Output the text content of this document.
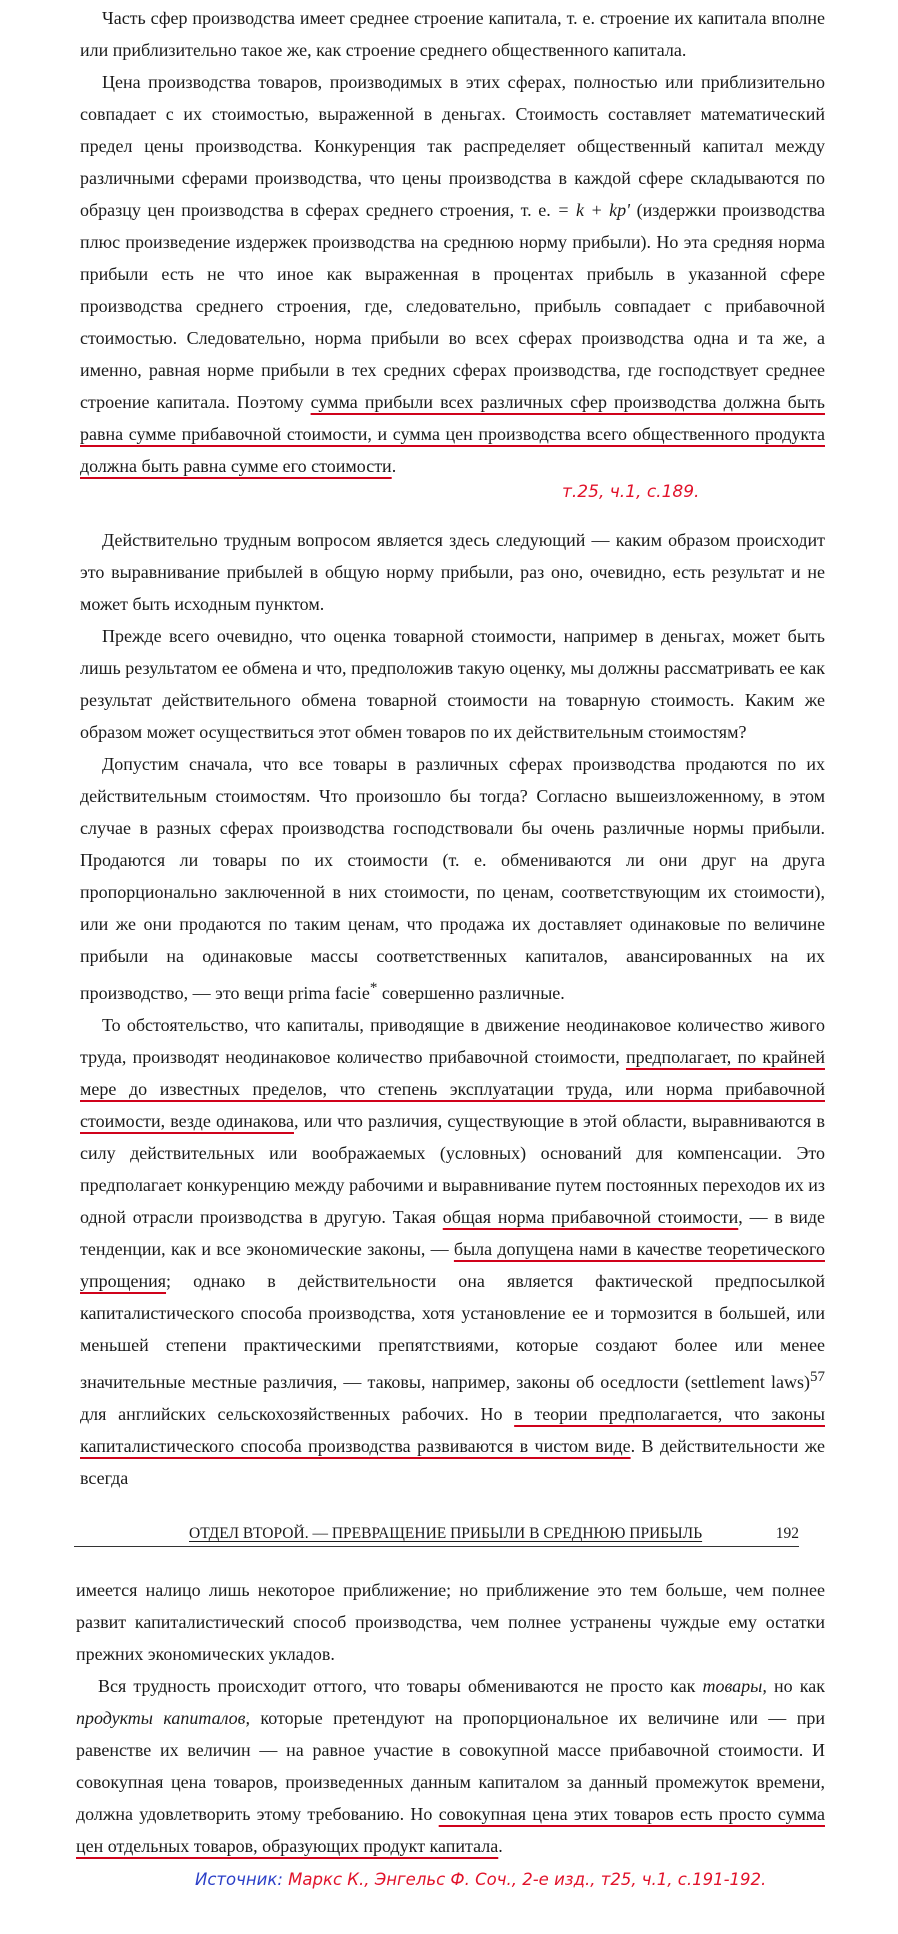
Часть сфер производства имеет среднее строение капитала, т. е. строение их капитала вполне или приблизительно такое же, как строение среднего общественного капитала.

Цена производства товаров, производимых в этих сферах, полностью или приблизительно совпадает с их стоимостью, выраженной в деньгах. Стоимость составляет математический предел цены производства. Конкуренция так распределяет общественный капитал между различными сферами производства, что цены производства в каждой сфере складываются по образцу цен производства в сферах среднего строения, т. е. = k + kp' (издержки производства плюс произведение издержек производства на среднюю норму прибыли). Но эта средняя норма прибыли есть не что иное как выраженная в процентах прибыль в указанной сфере производства среднего строения, где, следовательно, прибыль совпадает с прибавочной стоимостью. Следовательно, норма прибыли во всех сферах производства одна и та же, а именно, равная норме прибыли в тех средних сферах производства, где господствует среднее строение капитала. Поэтому сумма прибыли всех различных сфер производства должна быть равна сумме прибавочной стоимости, и сумма цен производства всего общественного продукта должна быть равна сумме его стоимости.

т.25, ч.1, с.189.

Действительно трудным вопросом является здесь следующий — каким образом происходит это выравнивание прибылей в общую норму прибыли, раз оно, очевидно, есть результат и не может быть исходным пунктом.

Прежде всего очевидно, что оценка товарной стоимости, например в деньгах, может быть лишь результатом ее обмена и что, предположив такую оценку, мы должны рассматривать ее как результат действительного обмена товарной стоимости на товарную стоимость. Каким же образом может осуществиться этот обмен товаров по их действительным стоимостям?

Допустим сначала, что все товары в различных сферах производства продаются по их действительным стоимостям. Что произошло бы тогда? Согласно вышеизложенному, в этом случае в разных сферах производства господствовали бы очень различные нормы прибыли. Продаются ли товары по их стоимости (т. е. обмениваются ли они друг на друга пропорционально заключенной в них стоимости, по ценам, соответствующим их стоимости), или же они продаются по таким ценам, что продажа их доставляет одинаковые по величине прибыли на одинаковые массы соответственных капиталов, авансированных на их производство, — это вещи prima facie* совершенно различные.

То обстоятельство, что капиталы, приводящие в движение неодинаковое количество живого труда, производят неодинаковое количество прибавочной стоимости, предполагает, по крайней мере до известных пределов, что степень эксплуатации труда, или норма прибавочной стоимости, везде одинакова, или что различия, существующие в этой области, выравниваются в силу действительных или воображаемых (условных) оснований для компенсации. Это предполагает конкуренцию между рабочими и выравнивание путем постоянных переходов их из одной отрасли производства в другую. Такая общая норма прибавочной стоимости, — в виде тенденции, как и все экономические законы, — была допущена нами в качестве теоретического упрощения; однако в действительности она является фактической предпосылкой капиталистического способа производства, хотя установление ее и тормозится в большей, или меньшей степени практическими препятствиями, которые создают более или менее значительные местные различия, — таковы, например, законы об оседлости (settlement laws)$^{57}$ для английских сельскохозяйственных рабочих. Но в теории предполагается, что законы капиталистического способа производства развиваются в чистом виде. В действительности же всегда

ОТДЕЛ ВТОРОЙ. — ПРЕВРАЩЕНИЕ ПРИБЫЛИ В СРЕДНЮЮ ПРИБЫЛЬ	192

имеется налицо лишь некоторое приближение; но приближение это тем больше, чем полнее развит капиталистический способ производства, чем полнее устранены чуждые ему остатки прежних экономических укладов.

Вся трудность происходит оттого, что товары обмениваются не просто как товары, но как продукты капиталов, которые претендуют на пропорциональное их величине или — при равенстве их величин — на равное участие в совокупной массе прибавочной стоимости. И совокупная цена товаров, произведенных данным капиталом за данный промежуток времени, должна удовлетворить этому требованию. Но совокупная цена этих товаров есть просто сумма цен отдельных товаров, образующих продукт капитала.

Источник: Маркс К., Энгельс Ф. Соч., 2-е изд., т25, ч.1, с.191-192.
